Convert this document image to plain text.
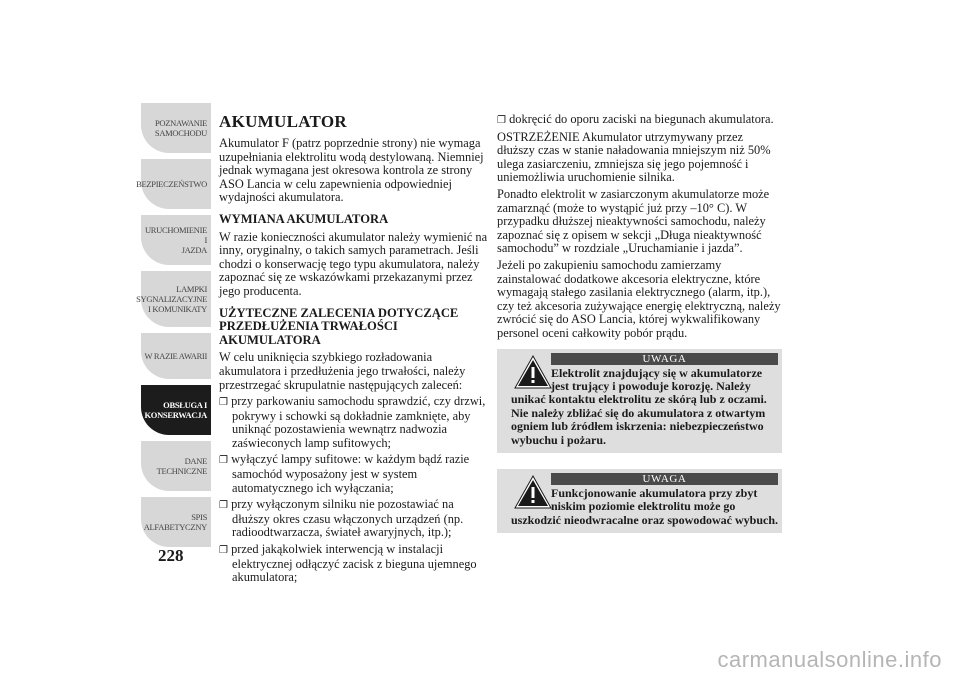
POZNAWANIE
SAMOCHODU
BEZPIECZEŃSTWO
URUCHOMIENIE I
JAZDA
LAMPKI
SYGNALIZACYJNE
I KOMUNIKATY
W RAZIE AWARII
OBSŁUGA I
KONSERWACJA
DANE
TECHNICZNE
SPIS
ALFABETYCZNY
228
AKUMULATOR

Akumulator F (patrz poprzednie strony) nie wymaga uzupełniania elektrolitu wodą destylowaną. Niemniej jednak wymagana jest okresowa kontrola ze strony ASO Lancia w celu zapewnienia odpowiedniej wydajności akumulatora.

WYMIANA AKUMULATORA

W razie konieczności akumulator należy wymienić na inny, oryginalny, o takich samych parametrach. Jeśli chodzi o konserwację tego typu akumulatora, należy zapoznać się ze wskazówkami przekazanymi przez jego producenta.

UŻYTECZNE ZALECENIA DOTYCZĄCE PRZEDŁUŻENIA TRWAŁOŚCI AKUMULATORA

W celu uniknięcia szybkiego rozładowania akumulatora i przedłużenia jego trwałości, należy przestrzegać skrupulatnie następujących zaleceń:

❐ przy parkowaniu samochodu sprawdzić, czy drzwi, pokrywy i schowki są dokładnie zamknięte, aby uniknąć pozostawienia wewnątrz nadwozia zaświeconych lamp sufitowych;
❐ wyłączyć lampy sufitowe: w każdym bądź razie samochód wyposażony jest w system automatycznego ich wyłączania;
❐ przy wyłączonym silniku nie pozostawiać na dłuższy okres czasu włączonych urządzeń (np. radioodtwarzacza, świateł awaryjnych, itp.);
❐ przed jakąkolwiek interwencją w instalacji elektrycznej odłączyć zacisk z bieguna ujemnego akumulatora;
❐ dokręcić do oporu zaciski na biegunach akumulatora.

OSTRZEŻENIE Akumulator utrzymywany przez dłuższy czas w stanie naładowania mniejszym niż 50% ulega zasiarczeniu, zmniejsza się jego pojemność i uniemożliwia uruchomienie silnika.

Ponadto elektrolit w zasiarczonym akumulatorze może zamarznąć (może to wystąpić już przy –10° C). W przypadku dłuższej nieaktywności samochodu, należy zapoznać się z opisem w sekcji „Długa nieaktywność samochodu” w rozdziale „Uruchamianie i jazda”.

Jeżeli po zakupieniu samochodu zamierzamy zainstalować dodatkowe akcesoria elektryczne, które wymagają stałego zasilania elektrycznego (alarm, itp.), czy też akcesoria zużywające energię elektryczną, należy zwrócić się do ASO Lancia, której wykwalifikowany personel oceni całkowity pobór prądu.

UWAGA
Elektrolit znajdujący się w akumulatorze jest trujący i powoduje korozję. Należy
unikać kontaktu elektrolitu ze skórą lub z oczami. Nie należy zbliżać się do akumulatora z otwartym ogniem lub źródłem iskrzenia: niebezpieczeństwo wybuchu i pożaru.
UWAGA
Funkcjonowanie akumulatora przy zbyt niskim poziomie elektrolitu może go
uszkodzić nieodwracalne oraz spowodować wybuch.
carmanualsonline.info
